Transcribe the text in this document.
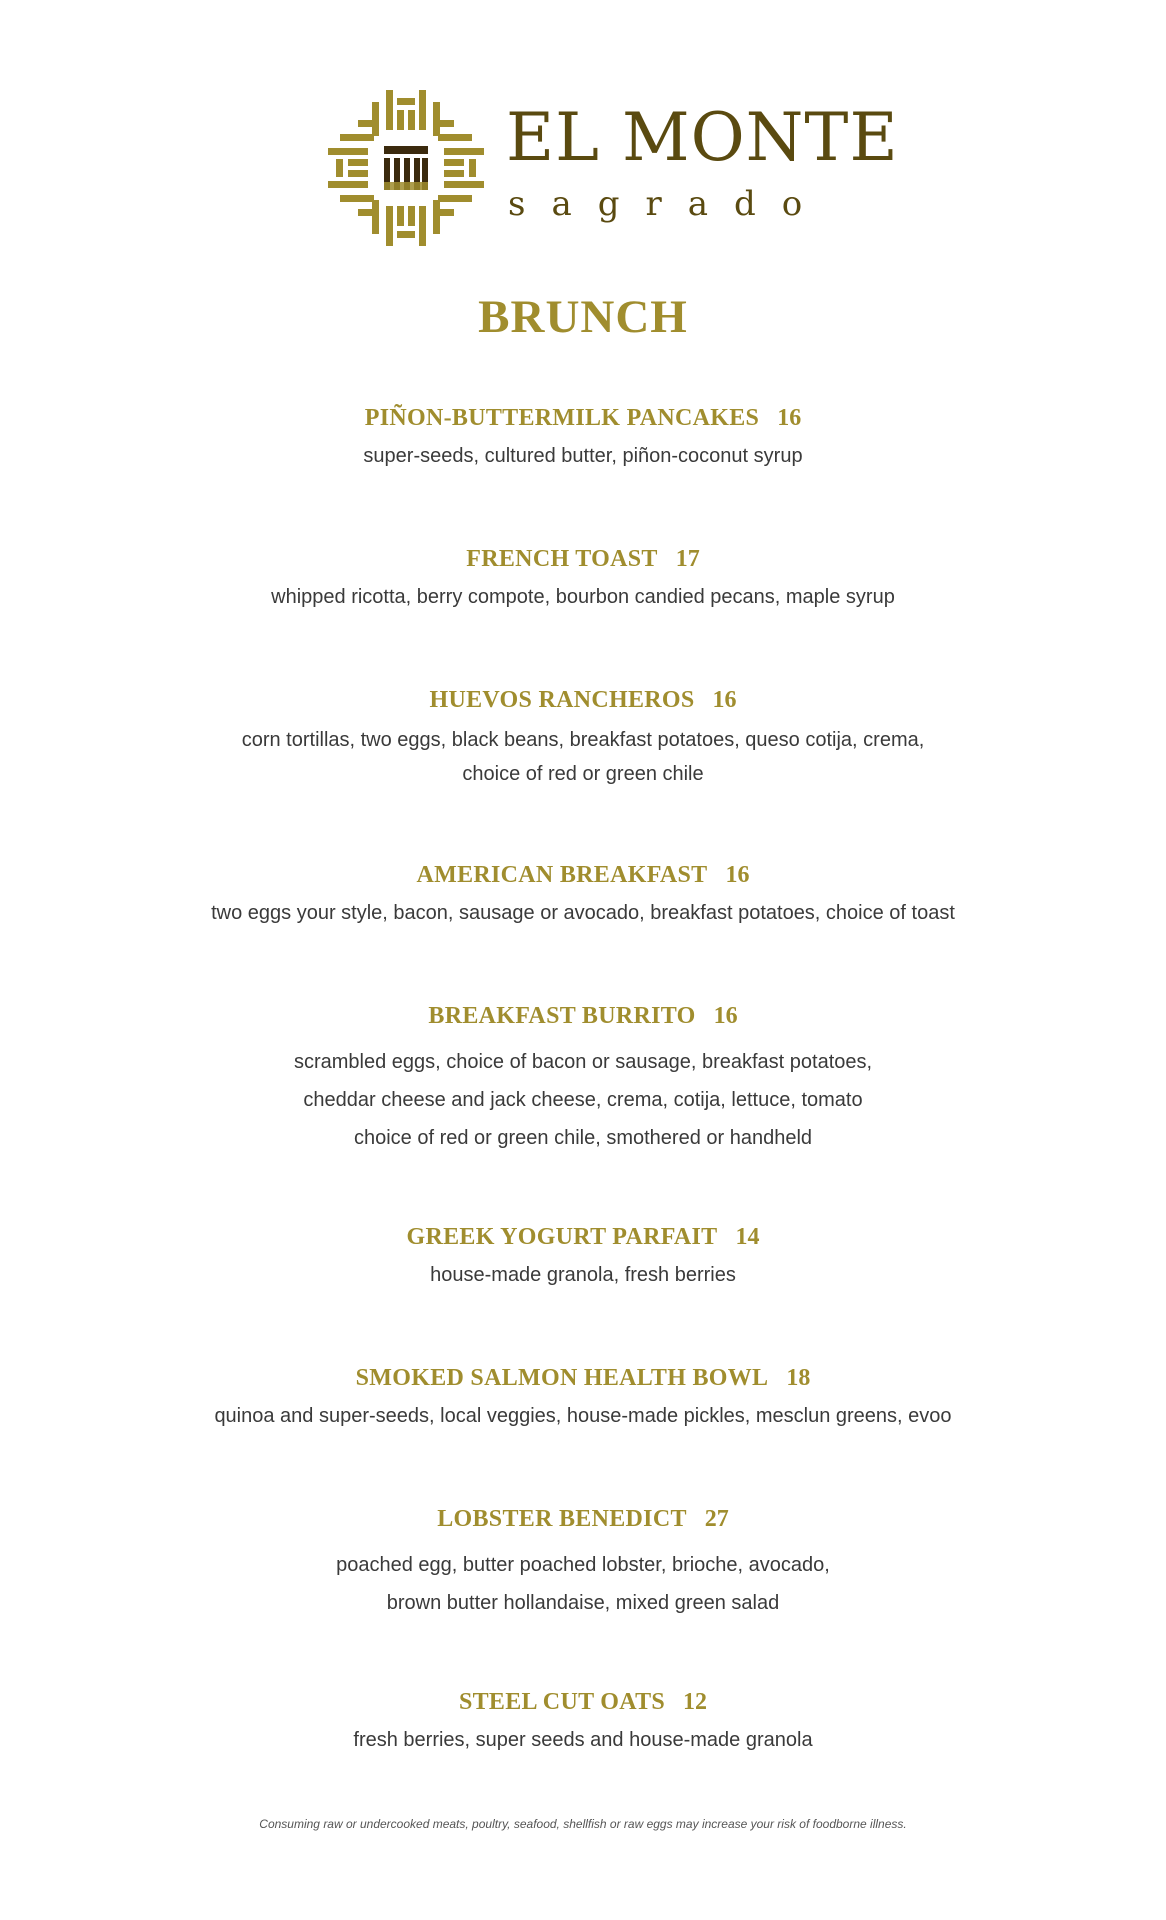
EL MONTE
sagrado
BRUNCH
PIÑON-BUTTERMILK PANCAKES 16
super-seeds, cultured butter, piñon-coconut syrup
FRENCH TOAST 17
whipped ricotta, berry compote, bourbon candied pecans, maple syrup
HUEVOS RANCHEROS 16
corn tortillas, two eggs, black beans, breakfast potatoes, queso cotija, crema,
choice of red or green chile
AMERICAN BREAKFAST 16
two eggs your style, bacon, sausage or avocado, breakfast potatoes, choice of toast
BREAKFAST BURRITO 16
scrambled eggs, choice of bacon or sausage, breakfast potatoes,
cheddar cheese and jack cheese, crema, cotija, lettuce, tomato
choice of red or green chile, smothered or handheld
GREEK YOGURT PARFAIT 14
house-made granola, fresh berries
SMOKED SALMON HEALTH BOWL 18
quinoa and super-seeds, local veggies, house-made pickles, mesclun greens, evoo
LOBSTER BENEDICT 27
poached egg, butter poached lobster, brioche, avocado,
brown butter hollandaise, mixed green salad
STEEL CUT OATS 12
fresh berries, super seeds and house-made granola
Consuming raw or undercooked meats, poultry, seafood, shellfish or raw eggs may increase your risk of foodborne illness.
